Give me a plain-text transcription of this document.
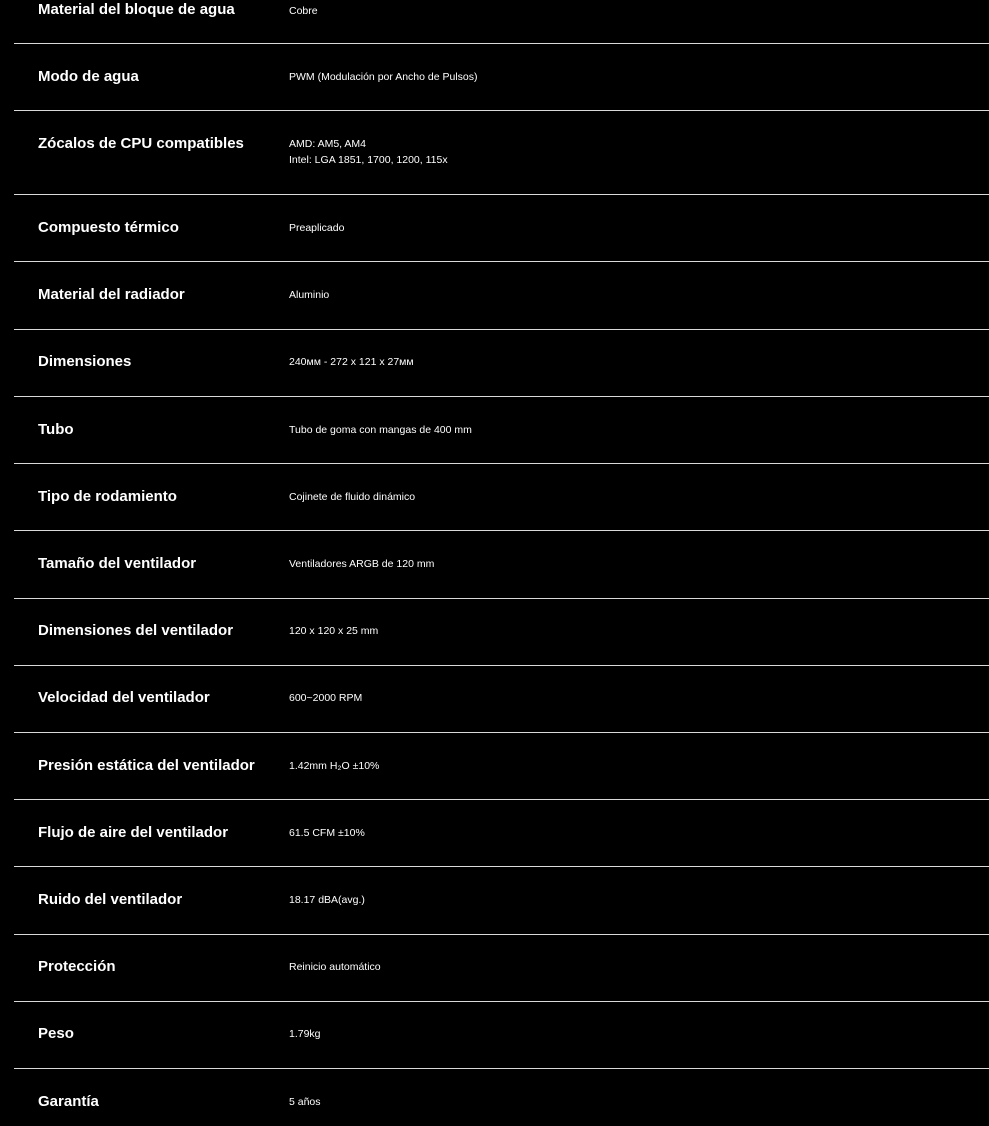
Material del bloque de agua	Cobre
Modo de agua	PWM (Modulación por Ancho de Pulsos)
Zócalos de CPU compatibles	AMD: AM5, AM4
Intel: LGA 1851, 1700, 1200, 115x
Compuesto térmico	Preaplicado
Material del radiador	Aluminio
Dimensiones	240мм - 272 x 121 x 27мм
Tubo	Tubo de goma con mangas de 400 mm
Tipo de rodamiento	Cojinete de fluido dinámico
Tamaño del ventilador	Ventiladores ARGB de 120 mm
Dimensiones del ventilador	120 x 120 x 25 mm
Velocidad del ventilador	600~2000 RPM
Presión estática del ventilador	1.42mm H₂O ±10%
Flujo de aire del ventilador	61.5 CFM ±10%
Ruido del ventilador	18.17 dBA(avg.)
Protección	Reinicio automático
Peso	1.79kg
Garantía	5 años
